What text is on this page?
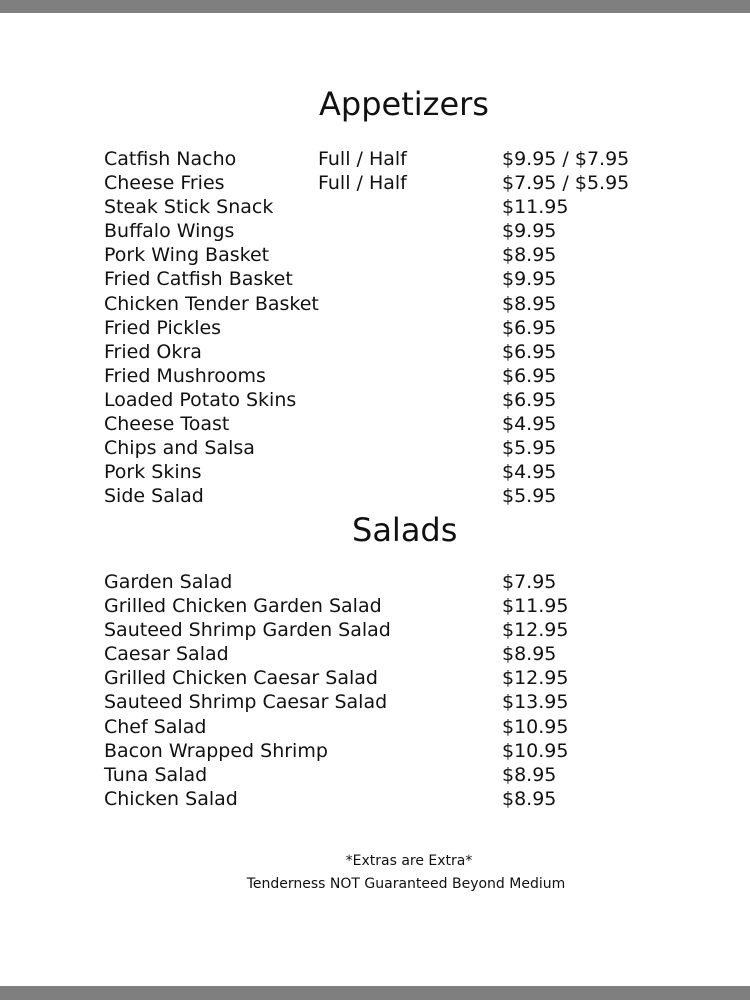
Appetizers
Catfish Nacho	Full / Half	$9.95 / $7.95
Cheese Fries	Full / Half	$7.95 / $5.95
Steak Stick Snack	$11.95
Buffalo Wings	$9.95
Pork Wing Basket	$8.95
Fried Catfish Basket	$9.95
Chicken Tender Basket	$8.95
Fried Pickles	$6.95
Fried Okra	$6.95
Fried Mushrooms	$6.95
Loaded Potato Skins	$6.95
Cheese Toast	$4.95
Chips and Salsa	$5.95
Pork Skins	$4.95
Side Salad	$5.95
Salads
Garden Salad	$7.95
Grilled Chicken Garden Salad	$11.95
Sauteed Shrimp Garden Salad	$12.95
Caesar Salad	$8.95
Grilled Chicken Caesar Salad	$12.95
Sauteed Shrimp Caesar Salad	$13.95
Chef Salad	$10.95
Bacon Wrapped Shrimp	$10.95
Tuna Salad	$8.95
Chicken Salad	$8.95
*Extras are Extra*
Tenderness NOT Guaranteed Beyond Medium
